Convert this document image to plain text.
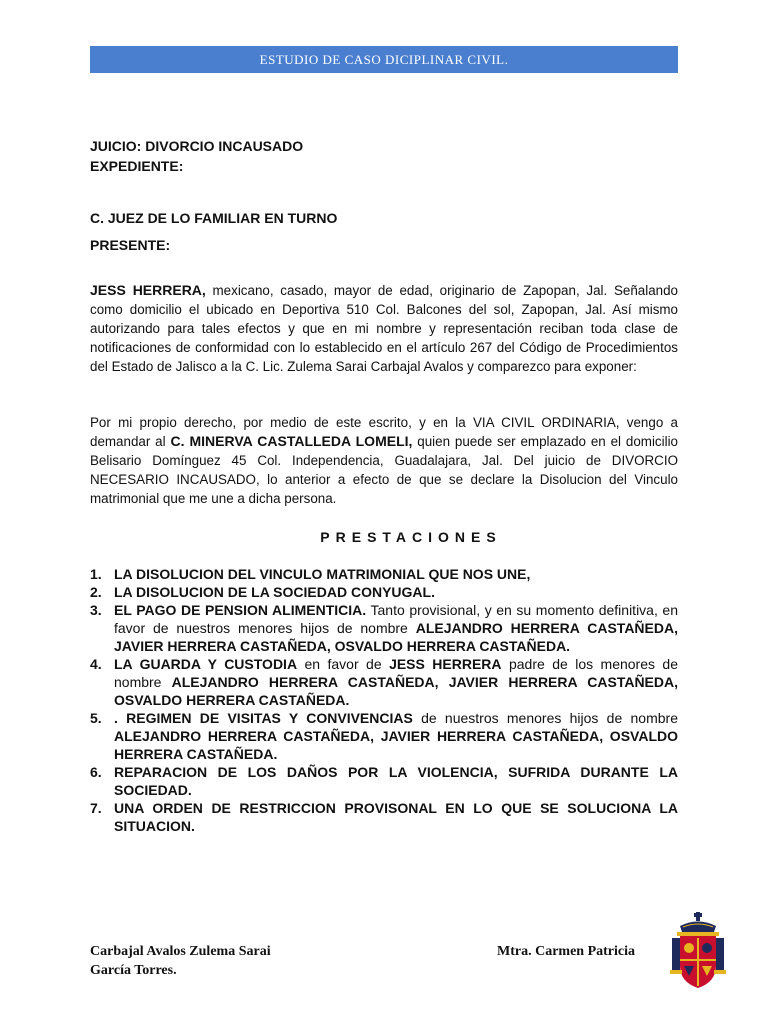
ESTUDIO DE CASO DICIPLINAR CIVIL.
JUICIO: DIVORCIO INCAUSADO
EXPEDIENTE:
C. JUEZ DE LO FAMILIAR EN TURNO
PRESENTE:

JESS HERRERA, mexicano, casado, mayor de edad, originario de Zapopan, Jal. Señalando como domicilio el ubicado en Deportiva 510 Col. Balcones del sol, Zapopan, Jal. Así mismo autorizando para tales efectos y que en mi nombre y representación reciban toda clase de notificaciones de conformidad con lo establecido en el artículo 267 del Código de Procedimientos del Estado de Jalisco a la C. Lic. Zulema Sarai Carbajal Avalos y comparezco para exponer:

Por mi propio derecho, por medio de este escrito, y en la VIA CIVIL ORDINARIA, vengo a demandar al C. MINERVA CASTALLEDA LOMELI, quien puede ser emplazado en el domicilio Belisario Domínguez 45 Col. Independencia, Guadalajara, Jal. Del juicio de DIVORCIO NECESARIO INCAUSADO, lo anterior a efecto de que se declare la Disolucion del Vinculo matrimonial que me une a dicha persona.

PRESTACIONES
1. LA DISOLUCION DEL VINCULO MATRIMONIAL QUE NOS UNE,
2. LA DISOLUCION DE LA SOCIEDAD CONYUGAL.
3. EL PAGO DE PENSION ALIMENTICIA. Tanto provisional, y en su momento definitiva, en favor de nuestros menores hijos de nombre ALEJANDRO HERRERA CASTAÑEDA, JAVIER HERRERA CASTAÑEDA, OSVALDO HERRERA CASTAÑEDA.
4. LA GUARDA Y CUSTODIA en favor de JESS HERRERA padre de los menores de nombre ALEJANDRO HERRERA CASTAÑEDA, JAVIER HERRERA CASTAÑEDA, OSVALDO HERRERA CASTAÑEDA.
5. . REGIMEN DE VISITAS Y CONVIVENCIAS de nuestros menores hijos de nombre ALEJANDRO HERRERA CASTAÑEDA, JAVIER HERRERA CASTAÑEDA, OSVALDO HERRERA CASTAÑEDA.
6. REPARACION DE LOS DAÑOS POR LA VIOLENCIA, SUFRIDA DURANTE LA SOCIEDAD.
7. UNA ORDEN DE RESTRICCION PROVISONAL EN LO QUE SE SOLUCIONA LA SITUACION.
Carbajal Avalos Zulema Sarai
García Torres.
Mtra. Carmen Patricia
